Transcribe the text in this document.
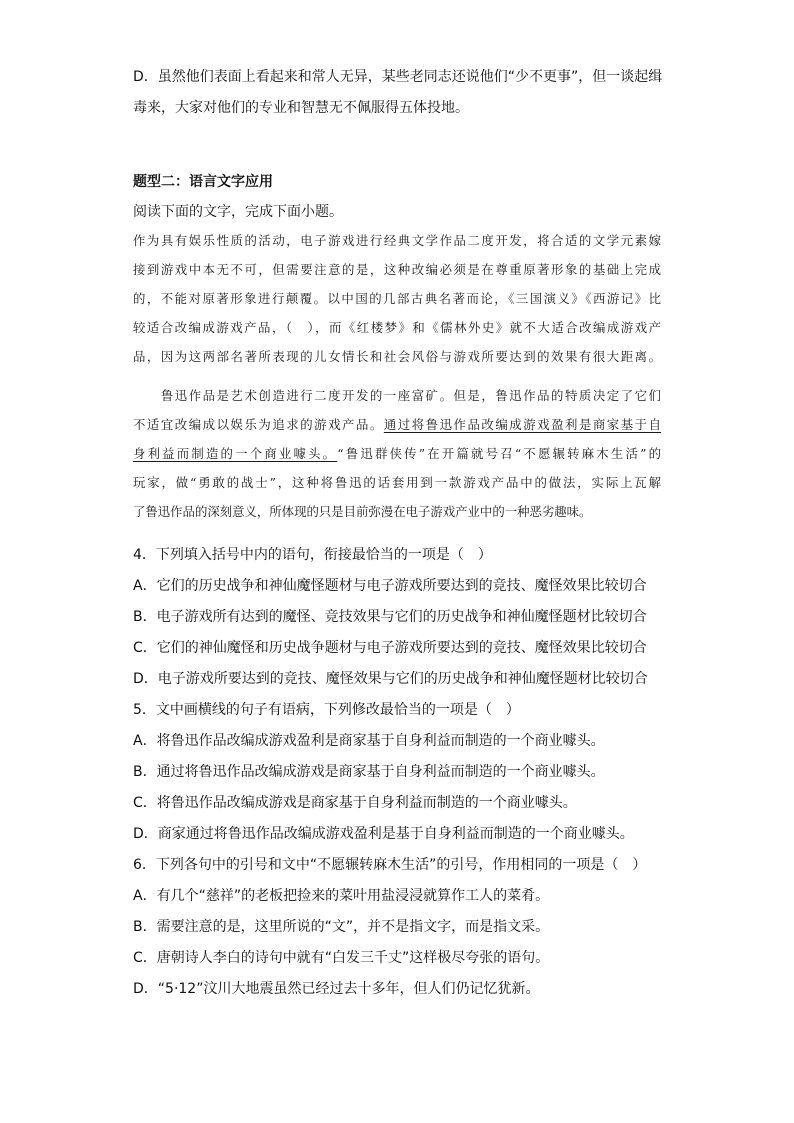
D．虽然他们表面上看起来和常人无异，某些老同志还说他们“少不更事”，但一谈起缉
毒来，大家对他们的专业和智慧无不佩服得五体投地。
题型二：语言文字应用
阅读下面的文字，完成下面小题。
作为具有娱乐性质的活动，电子游戏进行经典文学作品二度开发，将合适的文学元素嫁
接到游戏中本无不可，但需要注意的是，这种改编必须是在尊重原著形象的基础上完成
的，不能对原著形象进行颠覆。以中国的几部古典名著而论，《三国演义》《西游记》比
较适合改编成游戏产品，（　），而《红楼梦》和《儒林外史》就不大适合改编成游戏产
品，因为这两部名著所表现的儿女情长和社会风俗与游戏所要达到的效果有很大距离。
　　鲁迅作品是艺术创造进行二度开发的一座富矿。但是，鲁迅作品的特质决定了它们
不适宜改编成以娱乐为追求的游戏产品。通过将鲁迅作品改编成游戏盈利是商家基于自
身利益而制造的一个商业噱头。“鲁迅群侠传”在开篇就号召“不愿辗转麻木生活”的
玩家，做“勇敢的战士”，这种将鲁迅的话套用到一款游戏产品中的做法，实际上瓦解
了鲁迅作品的深刻意义，所体现的只是目前弥漫在电子游戏产业中的一种恶劣趣味。
4．下列填入括号中内的语句，衔接最恰当的一项是（　）
A．它们的历史战争和神仙魔怪题材与电子游戏所要达到的竞技、魔怪效果比较切合
B．电子游戏所有达到的魔怪、竞技效果与它们的历史战争和神仙魔怪题材比较切合
C．它们的神仙魔怪和历史战争题材与电子游戏所要达到的竞技、魔怪效果比较切合
D．电子游戏所要达到的竞技、魔怪效果与它们的历史战争和神仙魔怪题材比较切合
5．文中画横线的句子有语病，下列修改最恰当的一项是（　）
A．将鲁迅作品改编成游戏盈利是商家基于自身利益而制造的一个商业噱头。
B．通过将鲁迅作品改编成游戏是商家基于自身利益而制造的一个商业噱头。
C．将鲁迅作品改编成游戏是商家基于自身利益而制造的一个商业噱头。
D．商家通过将鲁迅作品改编成游戏盈利是基于自身利益而制造的一个商业噱头。
6．下列各句中的引号和文中“不愿辗转麻木生活”的引号，作用相同的一项是（　）
A．有几个“慈祥”的老板把捡来的菜叶用盐浸浸就算作工人的菜肴。
B．需要注意的是，这里所说的“文”，并不是指文字，而是指文采。
C．唐朝诗人李白的诗句中就有“白发三千丈”这样极尽夸张的语句。
D．“5·12”汶川大地震虽然已经过去十多年，但人们仍记忆犹新。
